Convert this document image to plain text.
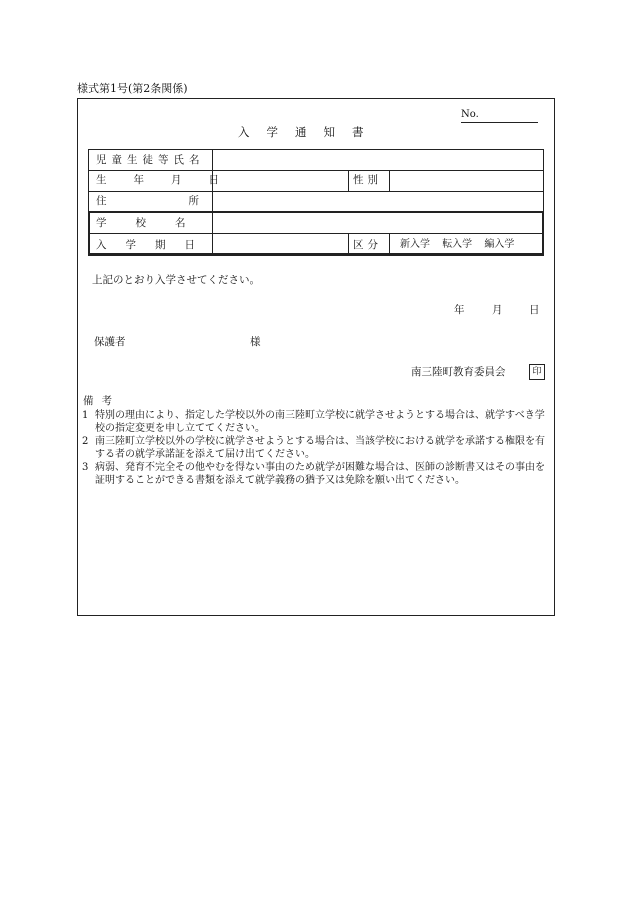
様式第1号(第2条関係)
No.
入学通知書
児童生徒等氏名
生年月日	性別
住所
学校名
入学期日	区分 新入学 転入学 編入学
上記のとおり入学させてください。
年	月	日
保護者	様
南三陸町教育委員会	印
備考

1 特別の理由により、指定した学校以外の南三陸町立学校に就学させようとする場合は、就学すべき学校の指定変更を申し立ててください。

2 南三陸町立学校以外の学校に就学させようとする場合は、当該学校における就学を承諾する権限を有する者の就学承諾証を添えて届け出てください。

3 病弱、発育不完全その他やむを得ない事由のため就学が困難な場合は、医師の診断書又はその事由を証明することができる書類を添えて就学義務の猶予又は免除を願い出てください。
